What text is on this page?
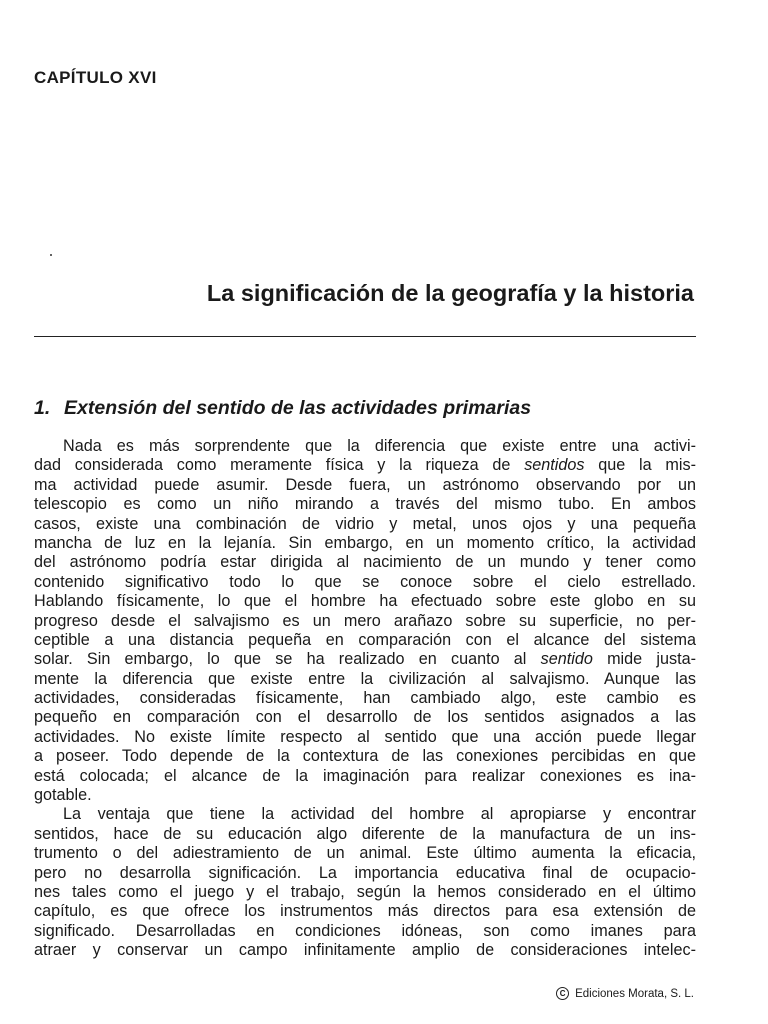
CAPÍTULO XVI
La significación de la geografía y la historia
1. Extensión del sentido de las actividades primarias
Nada es más sorprendente que la diferencia que existe entre una activi-
dad considerada como meramente física y la riqueza de sentidos que la mis-
ma actividad puede asumir. Desde fuera, un astrónomo observando por un
telescopio es como un niño mirando a través del mismo tubo. En ambos
casos, existe una combinación de vidrio y metal, unos ojos y una pequeña
mancha de luz en la lejanía. Sin embargo, en un momento crítico, la actividad
del astrónomo podría estar dirigida al nacimiento de un mundo y tener como
contenido significativo todo lo que se conoce sobre el cielo estrellado.
Hablando físicamente, lo que el hombre ha efectuado sobre este globo en su
progreso desde el salvajismo es un mero arañazo sobre su superficie, no per-
ceptible a una distancia pequeña en comparación con el alcance del sistema
solar. Sin embargo, lo que se ha realizado en cuanto al sentido mide justa-
mente la diferencia que existe entre la civilización al salvajismo. Aunque las
actividades, consideradas físicamente, han cambiado algo, este cambio es
pequeño en comparación con el desarrollo de los sentidos asignados a las
actividades. No existe límite respecto al sentido que una acción puede llegar
a poseer. Todo depende de la contextura de las conexiones percibidas en que
está colocada; el alcance de la imaginación para realizar conexiones es ina-
gotable.
La ventaja que tiene la actividad del hombre al apropiarse y encontrar
sentidos, hace de su educación algo diferente de la manufactura de un ins-
trumento o del adiestramiento de un animal. Este último aumenta la eficacia,
pero no desarrolla significación. La importancia educativa final de ocupacio-
nes tales como el juego y el trabajo, según la hemos considerado en el último
capítulo, es que ofrece los instrumentos más directos para esa extensión de
significado. Desarrolladas en condiciones idóneas, son como imanes para
atraer y conservar un campo infinitamente amplio de consideraciones intelec-
C Ediciones Morata, S. L.
